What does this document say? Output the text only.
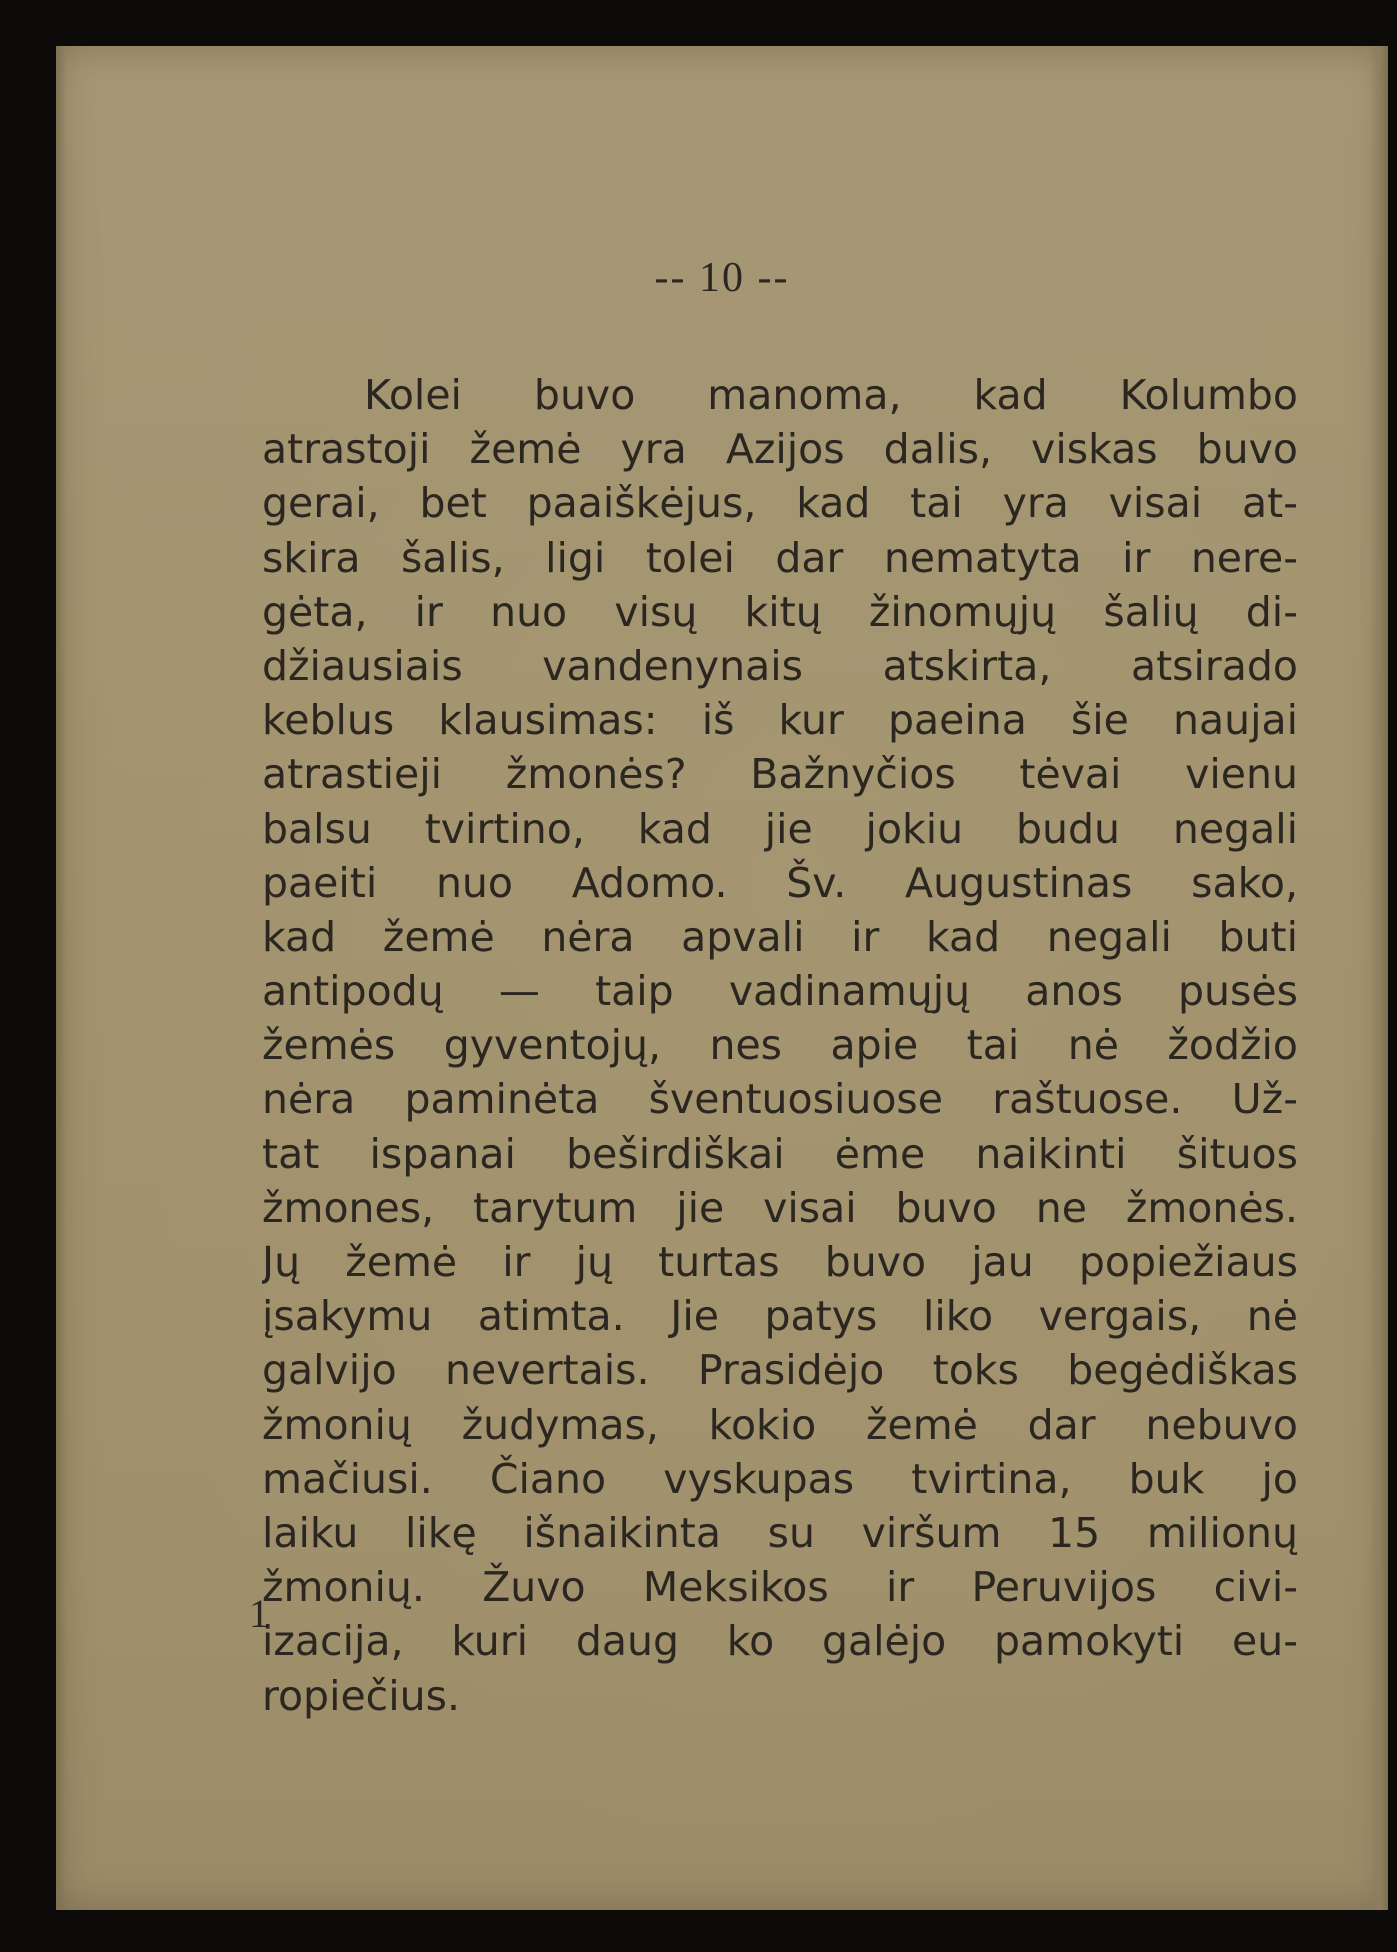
-- 10 --

Kolei buvo manoma, kad Kolumbo
atrastoji žemė yra Azijos dalis, viskas buvo
gerai, bet paaiškėjus, kad tai yra visai at-
skira šalis, ligi tolei dar nematyta ir nere-
gėta, ir nuo visų kitų žinomųjų šalių di-
džiausiais vandenynais atskirta, atsirado
keblus klausimas: iš kur paeina šie naujai
atrastieji žmonės? Bažnyčios tėvai vienu
balsu tvirtino, kad jie jokiu budu negali
paeiti nuo Adomo. Šv. Augustinas sako,
kad žemė nėra apvali ir kad negali buti
antipodų — taip vadinamųjų anos pusės
žemės gyventojų, nes apie tai nė žodžio
nėra paminėta šventuosiuose raštuose. Už-
tat ispanai beširdiškai ėme naikinti šituos
žmones, tarytum jie visai buvo ne žmonės.
Jų žemė ir jų turtas buvo jau popiežiaus
įsakymu atimta. Jie patys liko vergais, nė
galvijo nevertais. Prasidėjo toks begėdiškas
žmonių žudymas, kokio žemė dar nebuvo
mačiusi. Čiano vyskupas tvirtina, buk jo
laiku likę išnaikinta su viršum 15 milionų
žmonių. Žuvo Meksikos ir Peruvijos civi-
izacija, kuri daug ko galėjo pamokyti eu-
ropiečius.

1
